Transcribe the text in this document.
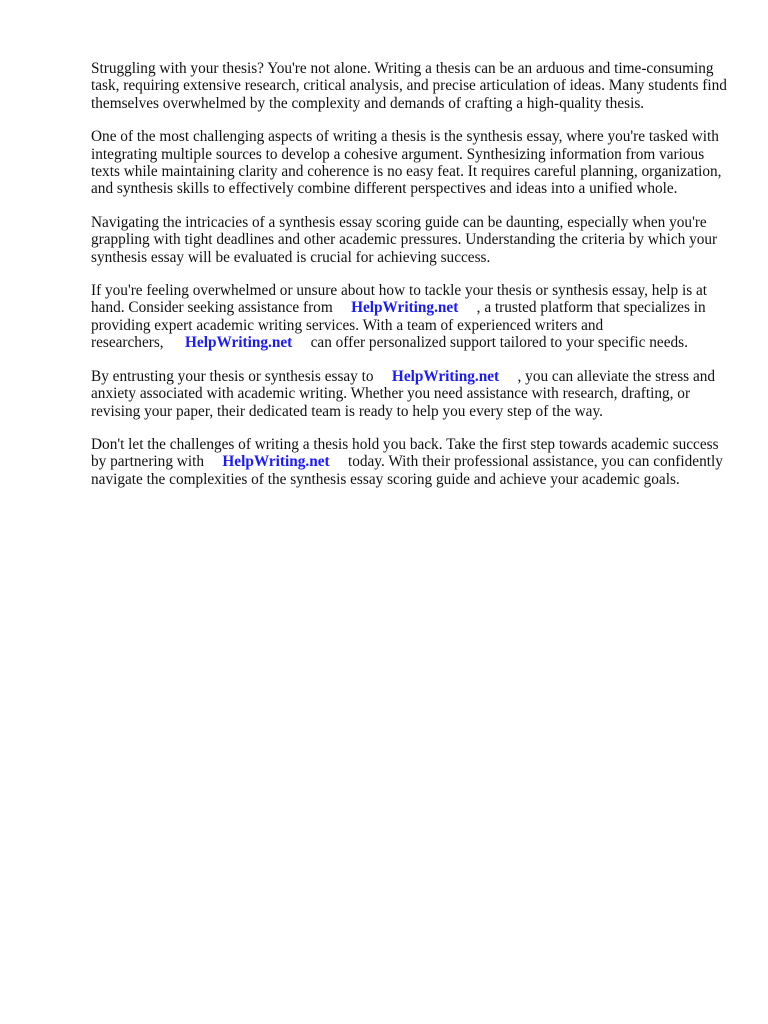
Struggling with your thesis? You're not alone. Writing a thesis can be an arduous and time-consuming task, requiring extensive research, critical analysis, and precise articulation of ideas. Many students find themselves overwhelmed by the complexity and demands of crafting a high-quality thesis.

One of the most challenging aspects of writing a thesis is the synthesis essay, where you're tasked with integrating multiple sources to develop a cohesive argument. Synthesizing information from various texts while maintaining clarity and coherence is no easy feat. It requires careful planning, organization, and synthesis skills to effectively combine different perspectives and ideas into a unified whole.

Navigating the intricacies of a synthesis essay scoring guide can be daunting, especially when you're grappling with tight deadlines and other academic pressures. Understanding the criteria by which your synthesis essay will be evaluated is crucial for achieving success.

If you're feeling overwhelmed or unsure about how to tackle your thesis or synthesis essay, help is at hand. Consider seeking assistance from HelpWriting.net , a trusted platform that specializes in providing expert academic writing services. With a team of experienced writers and researchers, HelpWriting.net can offer personalized support tailored to your specific needs.

By entrusting your thesis or synthesis essay to HelpWriting.net , you can alleviate the stress and anxiety associated with academic writing. Whether you need assistance with research, drafting, or revising your paper, their dedicated team is ready to help you every step of the way.

Don't let the challenges of writing a thesis hold you back. Take the first step towards academic success by partnering with HelpWriting.net today. With their professional assistance, you can confidently navigate the complexities of the synthesis essay scoring guide and achieve your academic goals.
